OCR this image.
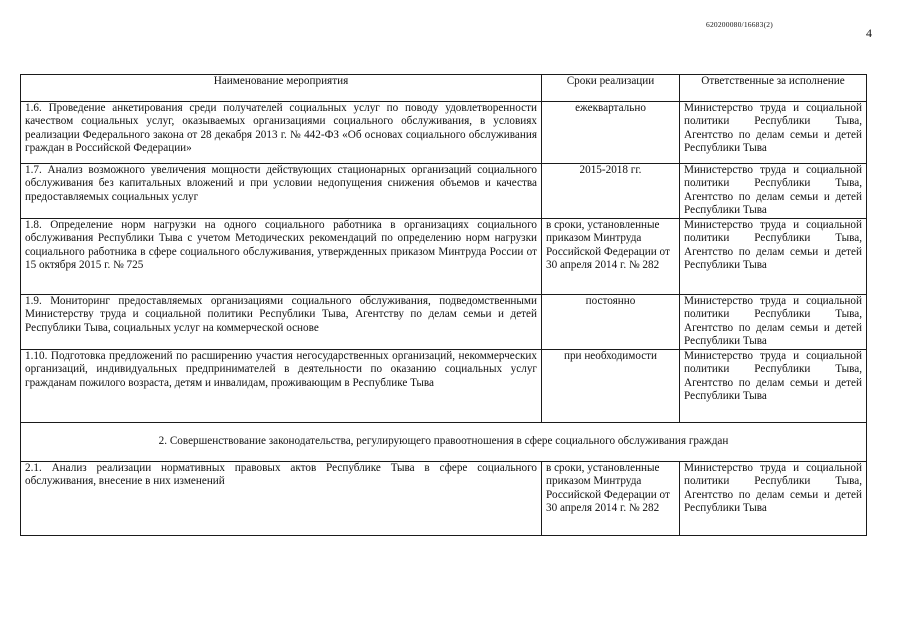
620200080/16683(2)
4
Наименование мероприятия	Сроки реализации	Ответственные за исполнение
1.6. Проведение анкетирования среди получателей социальных услуг по поводу удовлетворенности качеством социальных услуг, оказываемых организациями социального обслуживания, в условиях реализации Федерального закона от 28 декабря 2013 г. № 442-ФЗ «Об основах социального обслуживания граждан в Российской Федерации»	ежеквартально	Министерство труда и социальной политики Республики Тыва, Агентство по делам семьи и детей Республики Тыва
1.7. Анализ возможного увеличения мощности действующих стационарных организаций социального обслуживания без капитальных вложений и при условии недопущения снижения объемов и качества предоставляемых социальных услуг	2015-2018 гг.	Министерство труда и социальной политики Республики Тыва, Агентство по делам семьи и детей Республики Тыва
1.8. Определение норм нагрузки на одного социального работника в организациях социального обслуживания Республики Тыва с учетом Методических рекомендаций по определению норм нагрузки социального работника в сфере социального обслуживания, утвержденных приказом Минтруда России от 15 октября 2015 г. № 725	в сроки, установленные приказом Минтруда Российской Федерации от 30 апреля 2014 г. № 282	Министерство труда и социальной политики Республики Тыва, Агентство по делам семьи и детей Республики Тыва
1.9. Мониторинг предоставляемых организациями социального обслуживания, подведомственными Министерству труда и социальной политики Республики Тыва, Агентству по делам семьи и детей Республики Тыва, социальных услуг на коммерческой основе	постоянно	Министерство труда и социальной политики Республики Тыва, Агентство по делам семьи и детей Республики Тыва
1.10. Подготовка предложений по расширению участия негосударственных организаций, некоммерческих организаций, индивидуальных предпринимателей в деятельности по оказанию социальных услуг гражданам пожилого возраста, детям и инвалидам, проживающим в Республике Тыва	при необходимости	Министерство труда и социальной политики Республики Тыва, Агентство по делам семьи и детей Республики Тыва
2. Совершенствование законодательства, регулирующего правоотношения в сфере социального обслуживания граждан		
2.1. Анализ реализации нормативных правовых актов Республике Тыва в сфере социального обслуживания, внесение в них изменений	в сроки, установленные приказом Минтруда Российской Федерации от 30 апреля 2014 г. № 282	Министерство труда и социальной политики Республики Тыва, Агентство по делам семьи и детей Республики Тыва
